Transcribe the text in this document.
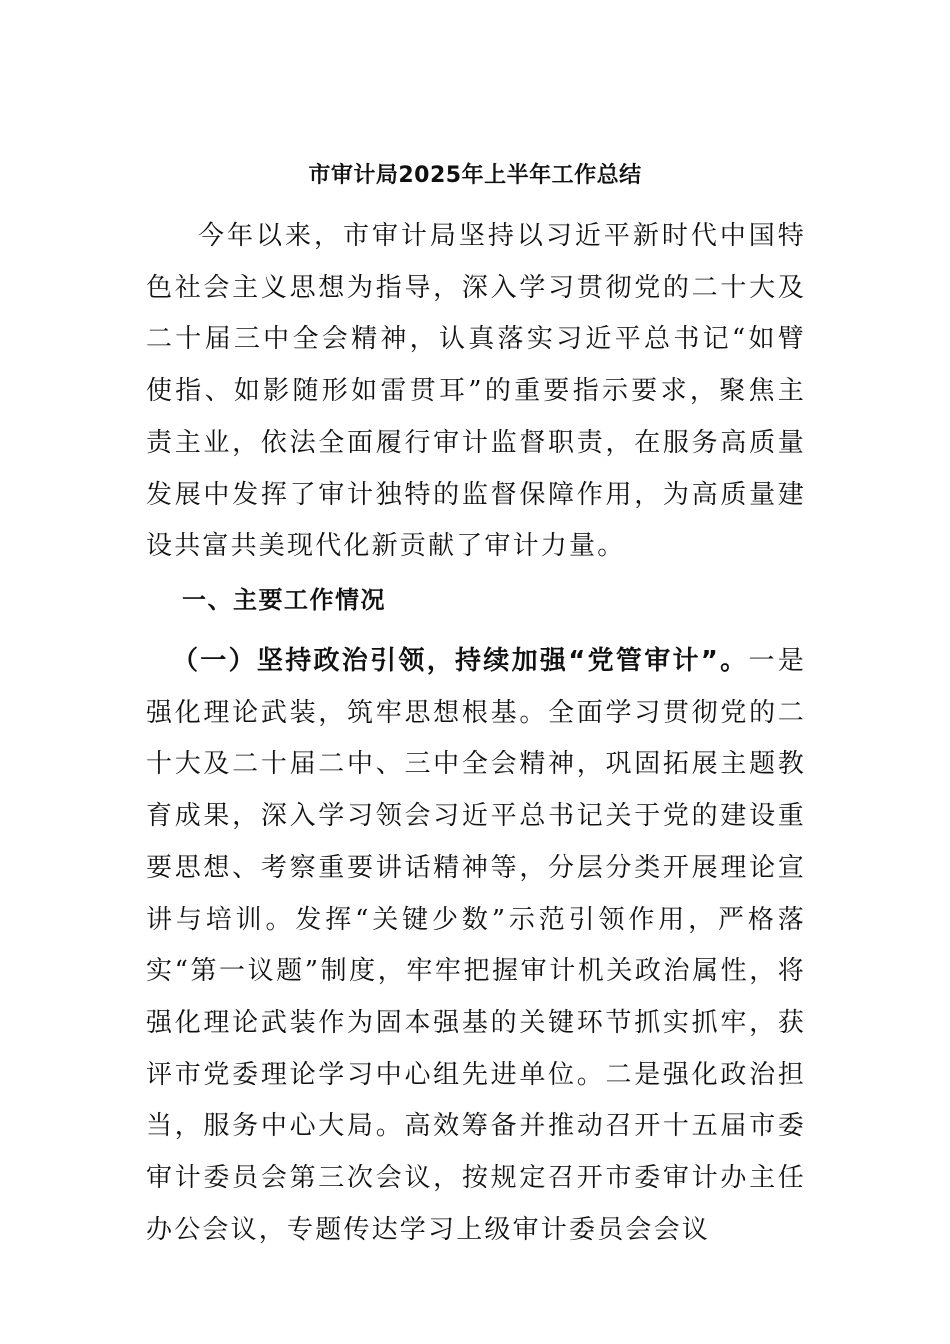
市审计局2025年上半年工作总结

今年以来，市审计局坚持以习近平新时代中国特色社会主义思想为指导，深入学习贯彻党的二十大及二十届三中全会精神，认真落实习近平总书记“如臂使指、如影随形如雷贯耳”的重要指示要求，聚焦主责主业，依法全面履行审计监督职责，在服务高质量发展中发挥了审计独特的监督保障作用，为高质量建设共富共美现代化新贡献了审计力量。

一、主要工作情况

（一）坚持政治引领，持续加强“党管审计”。一是强化理论武装，筑牢思想根基。全面学习贯彻党的二十大及二十届二中、三中全会精神，巩固拓展主题教育成果，深入学习领会习近平总书记关于党的建设重要思想、考察重要讲话精神等，分层分类开展理论宣讲与培训。发挥“关键少数”示范引领作用，严格落实“第一议题”制度，牢牢把握审计机关政治属性，将强化理论武装作为固本强基的关键环节抓实抓牢，获评市党委理论学习中心组先进单位。二是强化政治担当，服务中心大局。高效筹备并推动召开十五届市委审计委员会第三次会议，按规定召开市委审计办主任办公会议，专题传达学习上级审计委员会会议
